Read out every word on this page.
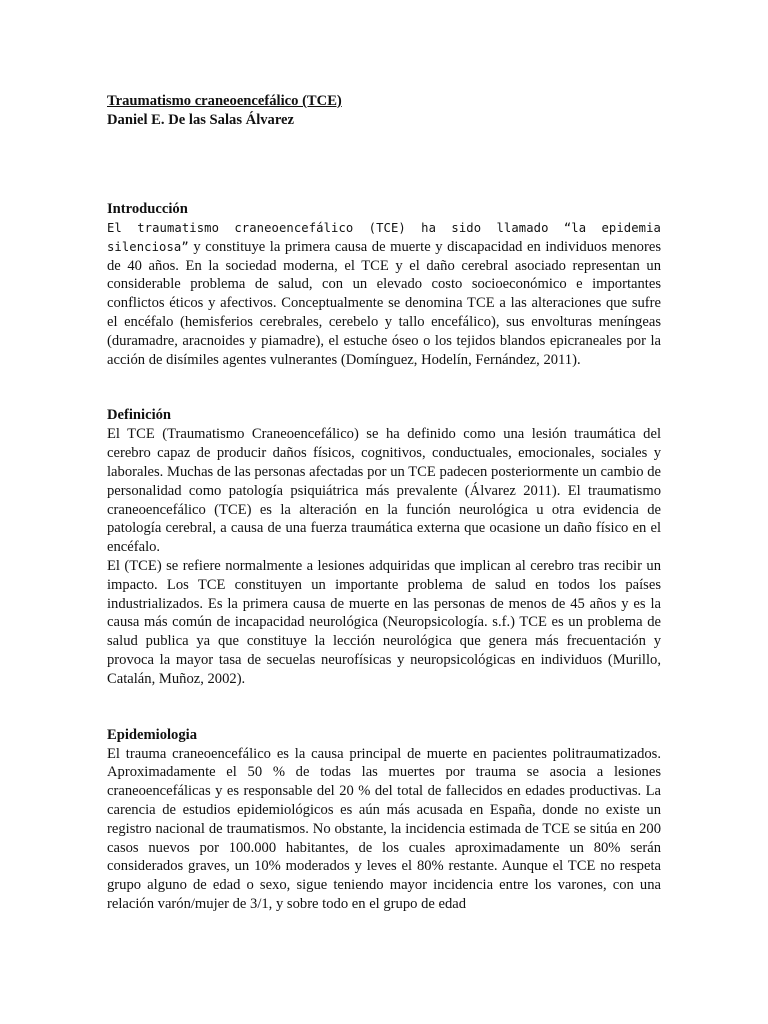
Traumatismo craneoencefálico (TCE)

Daniel E. De las Salas Álvarez

Introducción

El traumatismo craneoencefálico (TCE) ha sido llamado “la epidemia silenciosa” y constituye la primera causa de muerte y discapacidad en individuos menores de 40 años. En la sociedad moderna, el TCE y el daño cerebral asociado representan un considerable problema de salud, con un elevado costo socioeconómico e importantes conflictos éticos y afectivos. Conceptualmente se denomina TCE a las alteraciones que sufre el encéfalo (hemisferios cerebrales, cerebelo y tallo encefálico), sus envolturas meníngeas (duramadre, aracnoides y piamadre), el estuche óseo o los tejidos blandos epicraneales por la acción de disímiles agentes vulnerantes (Domínguez, Hodelín, Fernández, 2011).

Definición

El TCE (Traumatismo Craneoencefálico) se ha definido como una lesión traumática del cerebro capaz de producir daños físicos, cognitivos, conductuales, emocionales, sociales y laborales. Muchas de las personas afectadas por un TCE padecen posteriormente un cambio de personalidad como patología psiquiátrica más prevalente (Álvarez 2011). El traumatismo craneoencefálico (TCE) es la alteración en la función neurológica u otra evidencia de patología cerebral, a causa de una fuerza traumática externa que ocasione un daño físico en el encéfalo.

El (TCE) se refiere normalmente a lesiones adquiridas que implican al cerebro tras recibir un impacto. Los TCE constituyen un importante problema de salud en todos los países industrializados. Es la primera causa de muerte en las personas de menos de 45 años y es la causa más común de incapacidad neurológica (Neuropsicología. s.f.) TCE es un problema de salud publica ya que constituye la lección neurológica que genera más frecuentación y provoca la mayor tasa de secuelas neurofísicas y neuropsicológicas en individuos (Murillo, Catalán, Muñoz, 2002).

Epidemiologia

El trauma craneoencefálico es la causa principal de muerte en pacientes politraumatizados. Aproximadamente el 50 % de todas las muertes por trauma se asocia a lesiones craneoencefálicas y es responsable del 20 % del total de fallecidos en edades productivas. La carencia de estudios epidemiológicos es aún más acusada en España, donde no existe un registro nacional de traumatismos. No obstante, la incidencia estimada de TCE se sitúa en 200 casos nuevos por 100.000 habitantes, de los cuales aproximadamente un 80% serán considerados graves, un 10% moderados y leves el 80% restante. Aunque el TCE no respeta grupo alguno de edad o sexo, sigue teniendo mayor incidencia entre los varones, con una relación varón/mujer de 3/1, y sobre todo en el grupo de edad
